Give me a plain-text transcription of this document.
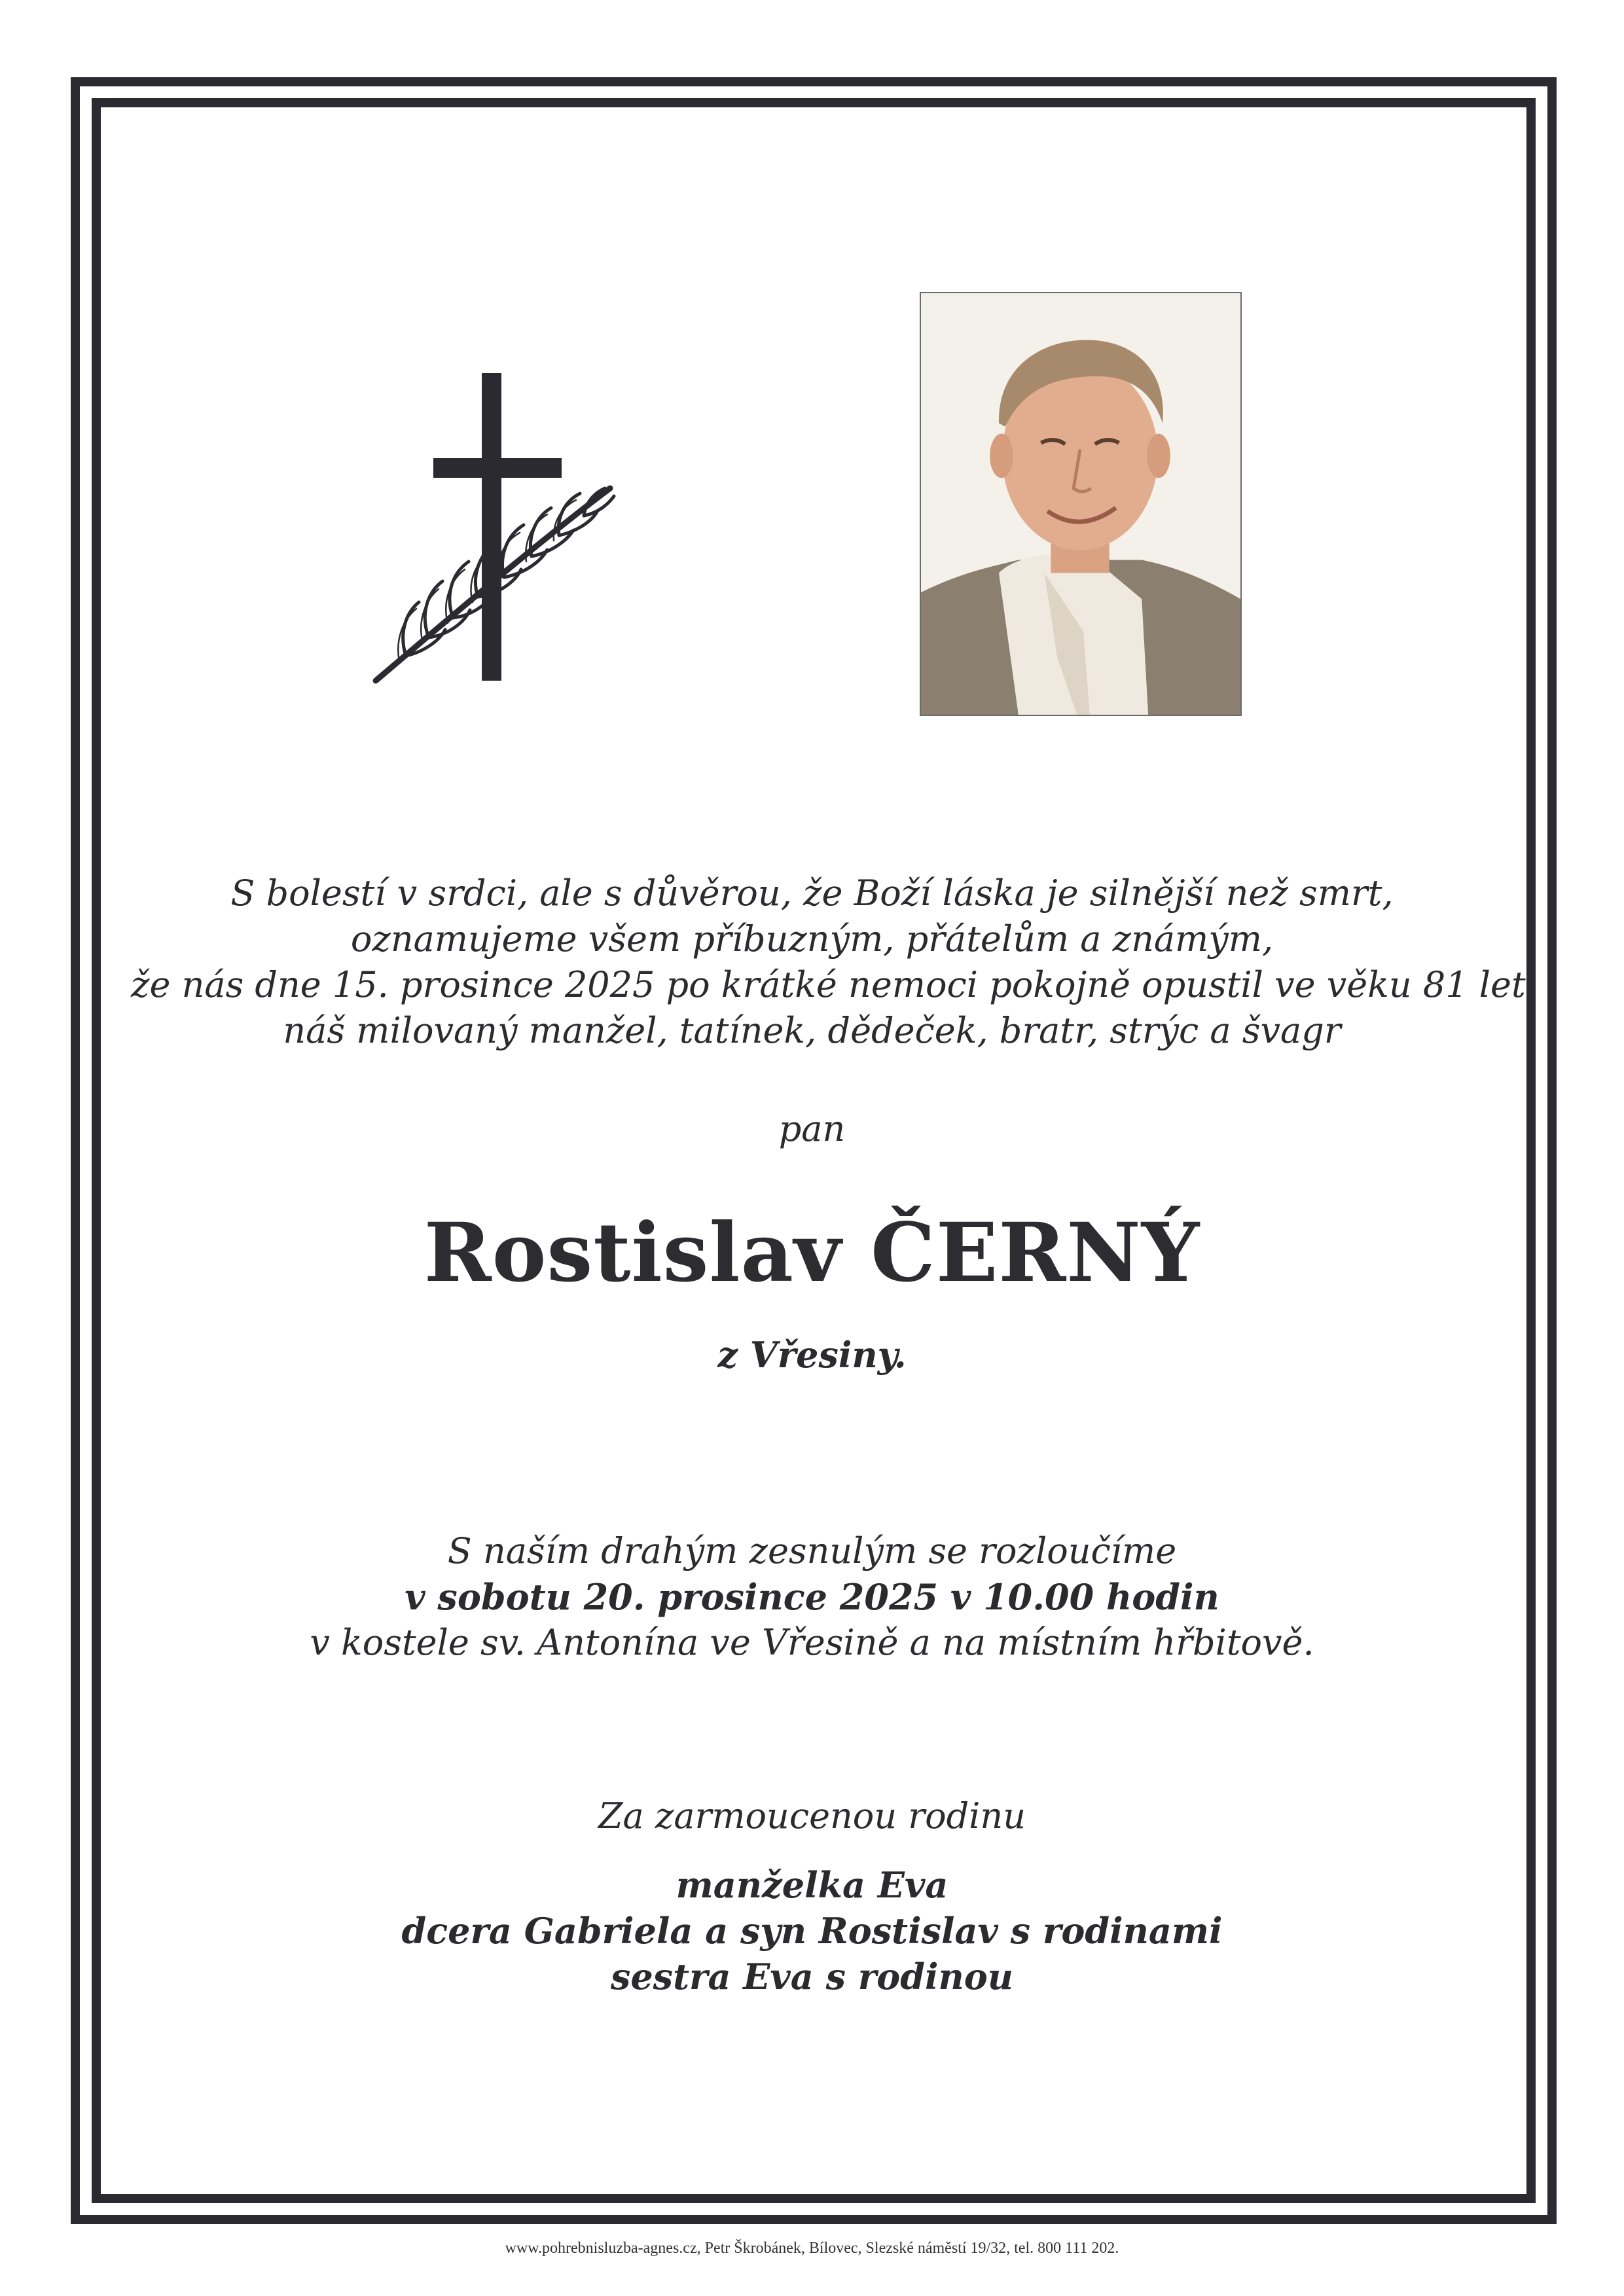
S bolestí v srdci, ale s důvěrou, že Boží láska je silnější než smrt,
oznamujeme všem příbuzným, přátelům a známým,
že nás dne 15. prosince 2025 po krátké nemoci pokojně opustil ve věku 81 let
náš milovaný manžel, tatínek, dědeček, bratr, strýc a švagr
pan
Rostislav ČERNÝ
z Vřesiny.
S naším drahým zesnulým se rozloučíme
v sobotu 20. prosince 2025 v 10.00 hodin
v kostele sv. Antonína ve Vřesině a na místním hřbitově.
Za zarmoucenou rodinu
manželka Eva
dcera Gabriela a syn Rostislav s rodinami
sestra Eva s rodinou
www.pohrebnisluzba-agnes.cz, Petr Škrobánek, Bílovec, Slezské náměstí 19/32, tel. 800 111 202.
